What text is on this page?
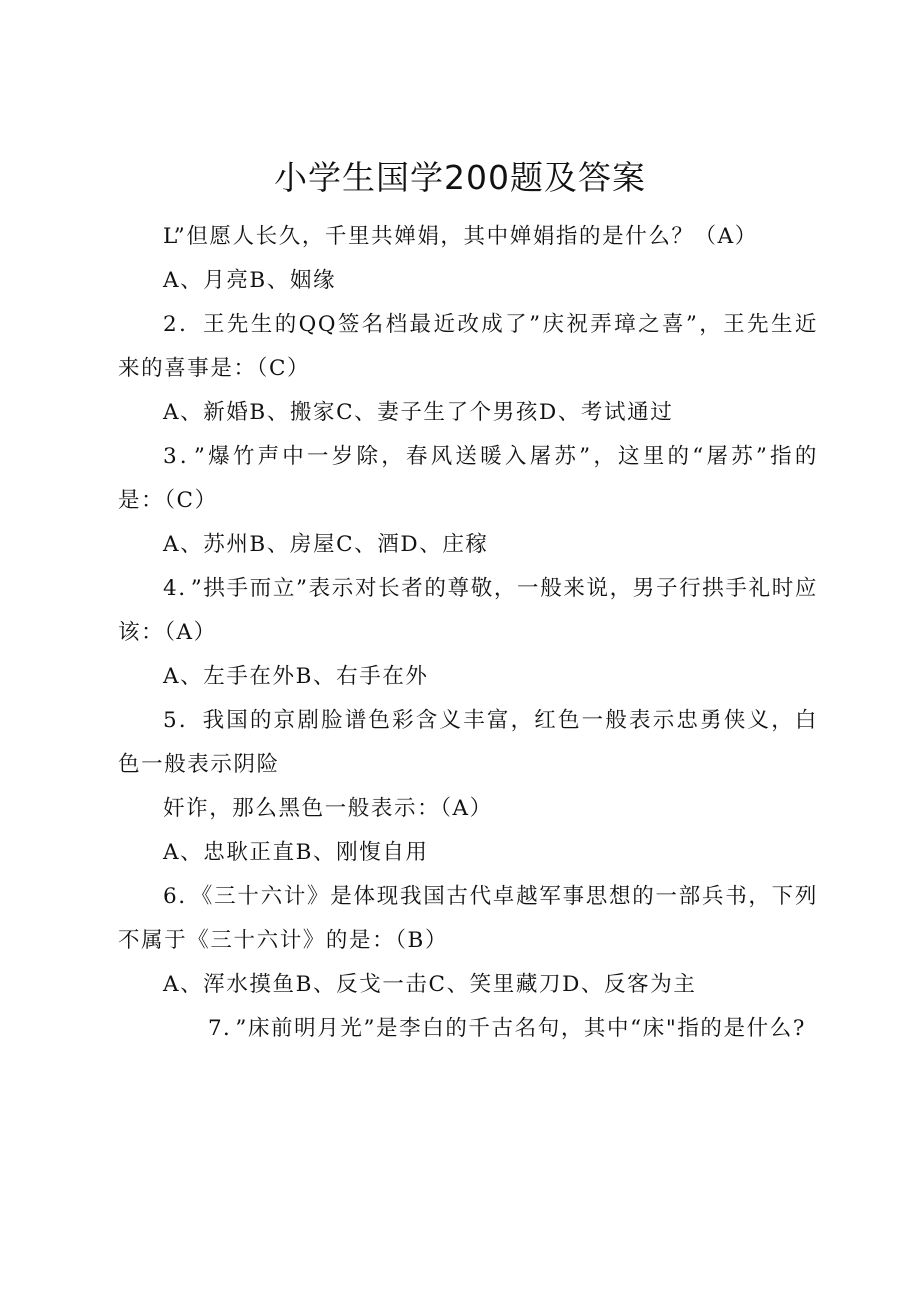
小学生国学200题及答案

L”但愿人长久，千里共婵娟，其中婵娟指的是什么？（A）

A、月亮B、姻缘

2．王先生的QQ签名档最近改成了”庆祝弄璋之喜”，王先生近来的喜事是：（C）

A、新婚B、搬家C、妻子生了个男孩D、考试通过

3．”爆竹声中一岁除，春风送暖入屠苏”，这里的“屠苏”指的是：（C）

A、苏州B、房屋C、酒D、庄稼

4．”拱手而立”表示对长者的尊敬，一般来说，男子行拱手礼时应该：（A）

A、左手在外B、右手在外

5．我国的京剧脸谱色彩含义丰富，红色一般表示忠勇侠义，白色一般表示阴险

奸诈，那么黑色一般表示：（A）

A、忠耿正直B、刚愎自用

6．《三十六计》是体现我国古代卓越军事思想的一部兵书，下列不属于《三十六计》的是：（B）

A、浑水摸鱼B、反戈一击C、笑里藏刀D、反客为主

7．”床前明月光”是李白的千古名句，其中“床"指的是什么?
